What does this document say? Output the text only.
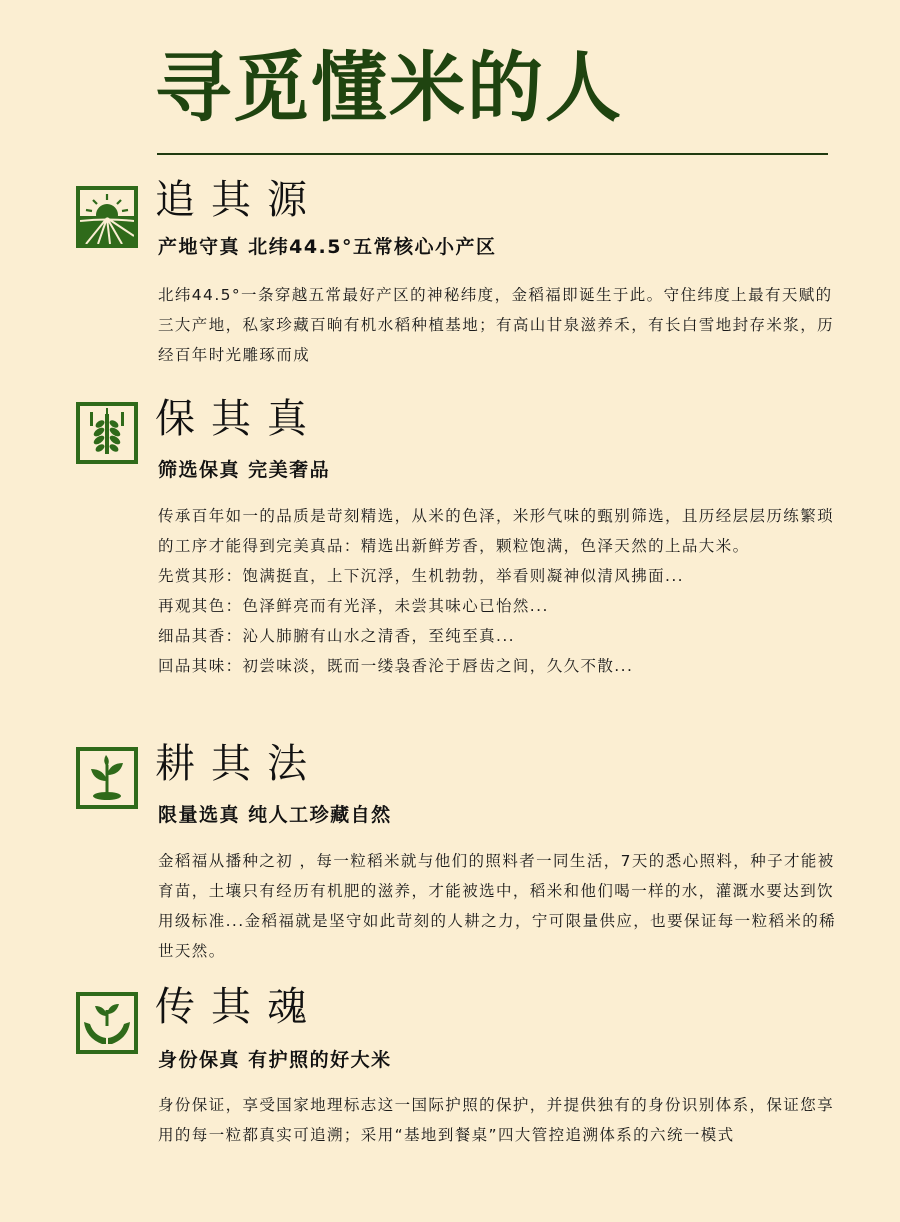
寻觅懂米的人
追其源
产地守真 北纬44.5°五常核心小产区

北纬44.5°一条穿越五常最好产区的神秘纬度，金稻福即诞生于此。守住纬度上最有天赋的三大产地，私家珍藏百晌有机水稻种植基地；有高山甘泉滋养禾，有长白雪地封存米浆，历经百年时光雕琢而成

保其真
筛选保真 完美奢品

传承百年如一的品质是苛刻精选，从米的色泽，米形气味的甄别筛选，且历经层层历练繁琐的工序才能得到完美真品：精选出新鲜芳香，颗粒饱满，色泽天然的上品大米。

先赏其形：饱满挺直，上下沉浮，生机勃勃，举看则凝神似清风拂面...

再观其色：色泽鲜亮而有光泽，未尝其味心已怡然...

细品其香：沁人肺腑有山水之清香，至纯至真...

回品其味：初尝味淡，既而一缕袅香沦于唇齿之间，久久不散...

耕其法
限量选真 纯人工珍藏自然

金稻福从播种之初 ，每一粒稻米就与他们的照料者一同生活，7天的悉心照料，种子才能被育苗，土壤只有经历有机肥的滋养，才能被选中，稻米和他们喝一样的水，灌溉水要达到饮用级标准...金稻福就是坚守如此苛刻的人耕之力，宁可限量供应，也要保证每一粒稻米的稀世天然。

传其魂
身份保真 有护照的好大米

身份保证，享受国家地理标志这一国际护照的保护，并提供独有的身份识别体系，保证您享用的每一粒都真实可追溯；采用“基地到餐桌”四大管控追溯体系的六统一模式
